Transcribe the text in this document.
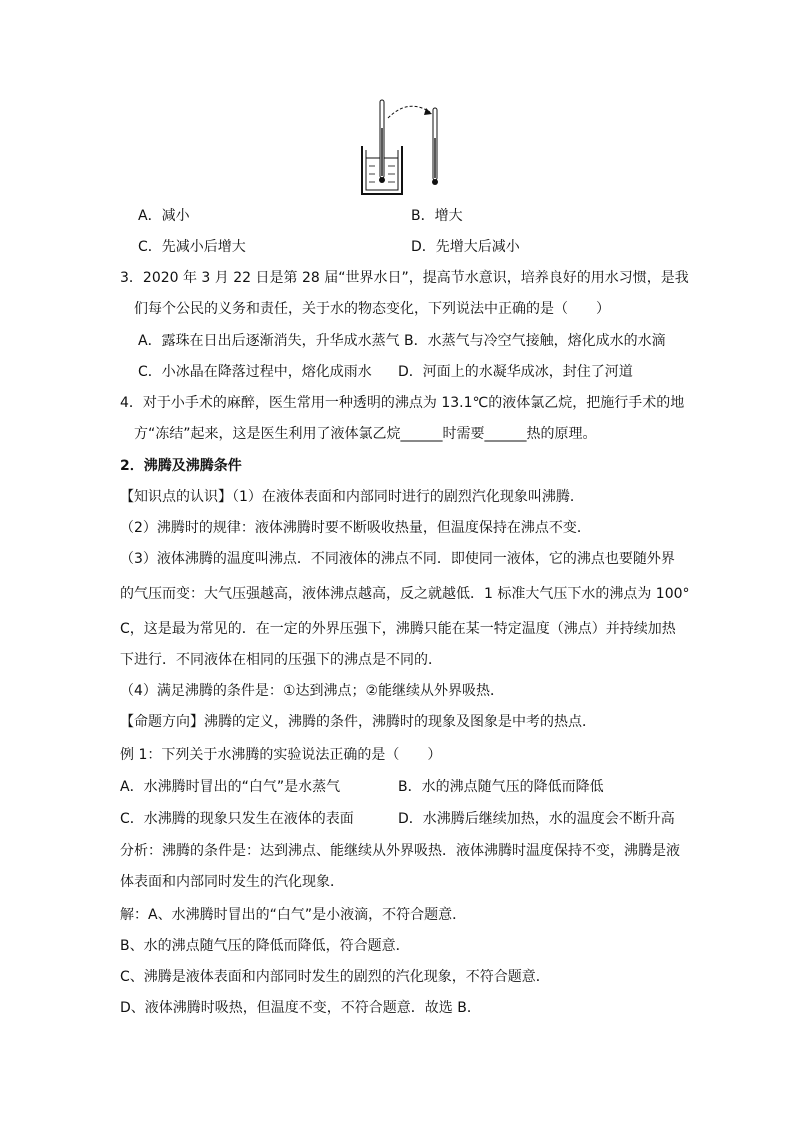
A．减小	B．增大
C．先减小后增大	D．先增大后减小
3．2020 年 3 月 22 日是第 28 届“世界水日”，提高节水意识，培养良好的用水习惯，是我
们每个公民的义务和责任，关于水的物态变化，下列说法中正确的是（　　）
A．露珠在日出后逐渐消失，升华成水蒸气 B．水蒸气与冷空气接触，熔化成水的水滴
C．小冰晶在降落过程中，熔化成雨水 D．河面上的水凝华成冰，封住了河道
4．对于小手术的麻醉，医生常用一种透明的沸点为 13.1℃的液体氯乙烷，把施行手术的地
方“冻结”起来，这是医生利用了液体氯乙烷______时需要______热的原理。
2．沸腾及沸腾条件
【知识点的认识】（1）在液体表面和内部同时进行的剧烈汽化现象叫沸腾．
（2）沸腾时的规律：液体沸腾时要不断吸收热量，但温度保持在沸点不变．
（3）液体沸腾的温度叫沸点．不同液体的沸点不同．即使同一液体，它的沸点也要随外界
的气压而变：大气压强越高，液体沸点越高，反之就越低．1 标准大气压下水的沸点为 100°
C，这是最为常见的．在一定的外界压强下，沸腾只能在某一特定温度（沸点）并持续加热
下进行．不同液体在相同的压强下的沸点是不同的．
（4）满足沸腾的条件是：①达到沸点；②能继续从外界吸热．
【命题方向】沸腾的定义，沸腾的条件，沸腾时的现象及图象是中考的热点．
例 1：下列关于水沸腾的实验说法正确的是（　　）
A．水沸腾时冒出的“白气”是水蒸气	B．水的沸点随气压的降低而降低
C．水沸腾的现象只发生在液体的表面	D．水沸腾后继续加热，水的温度会不断升高
分析：沸腾的条件是：达到沸点、能继续从外界吸热．液体沸腾时温度保持不变，沸腾是液
体表面和内部同时发生的汽化现象．
解：A、水沸腾时冒出的“白气”是小液滴，不符合题意．
B、水的沸点随气压的降低而降低，符合题意．
C、沸腾是液体表面和内部同时发生的剧烈的汽化现象，不符合题意．
D、液体沸腾时吸热，但温度不变，不符合题意．故选 B．
